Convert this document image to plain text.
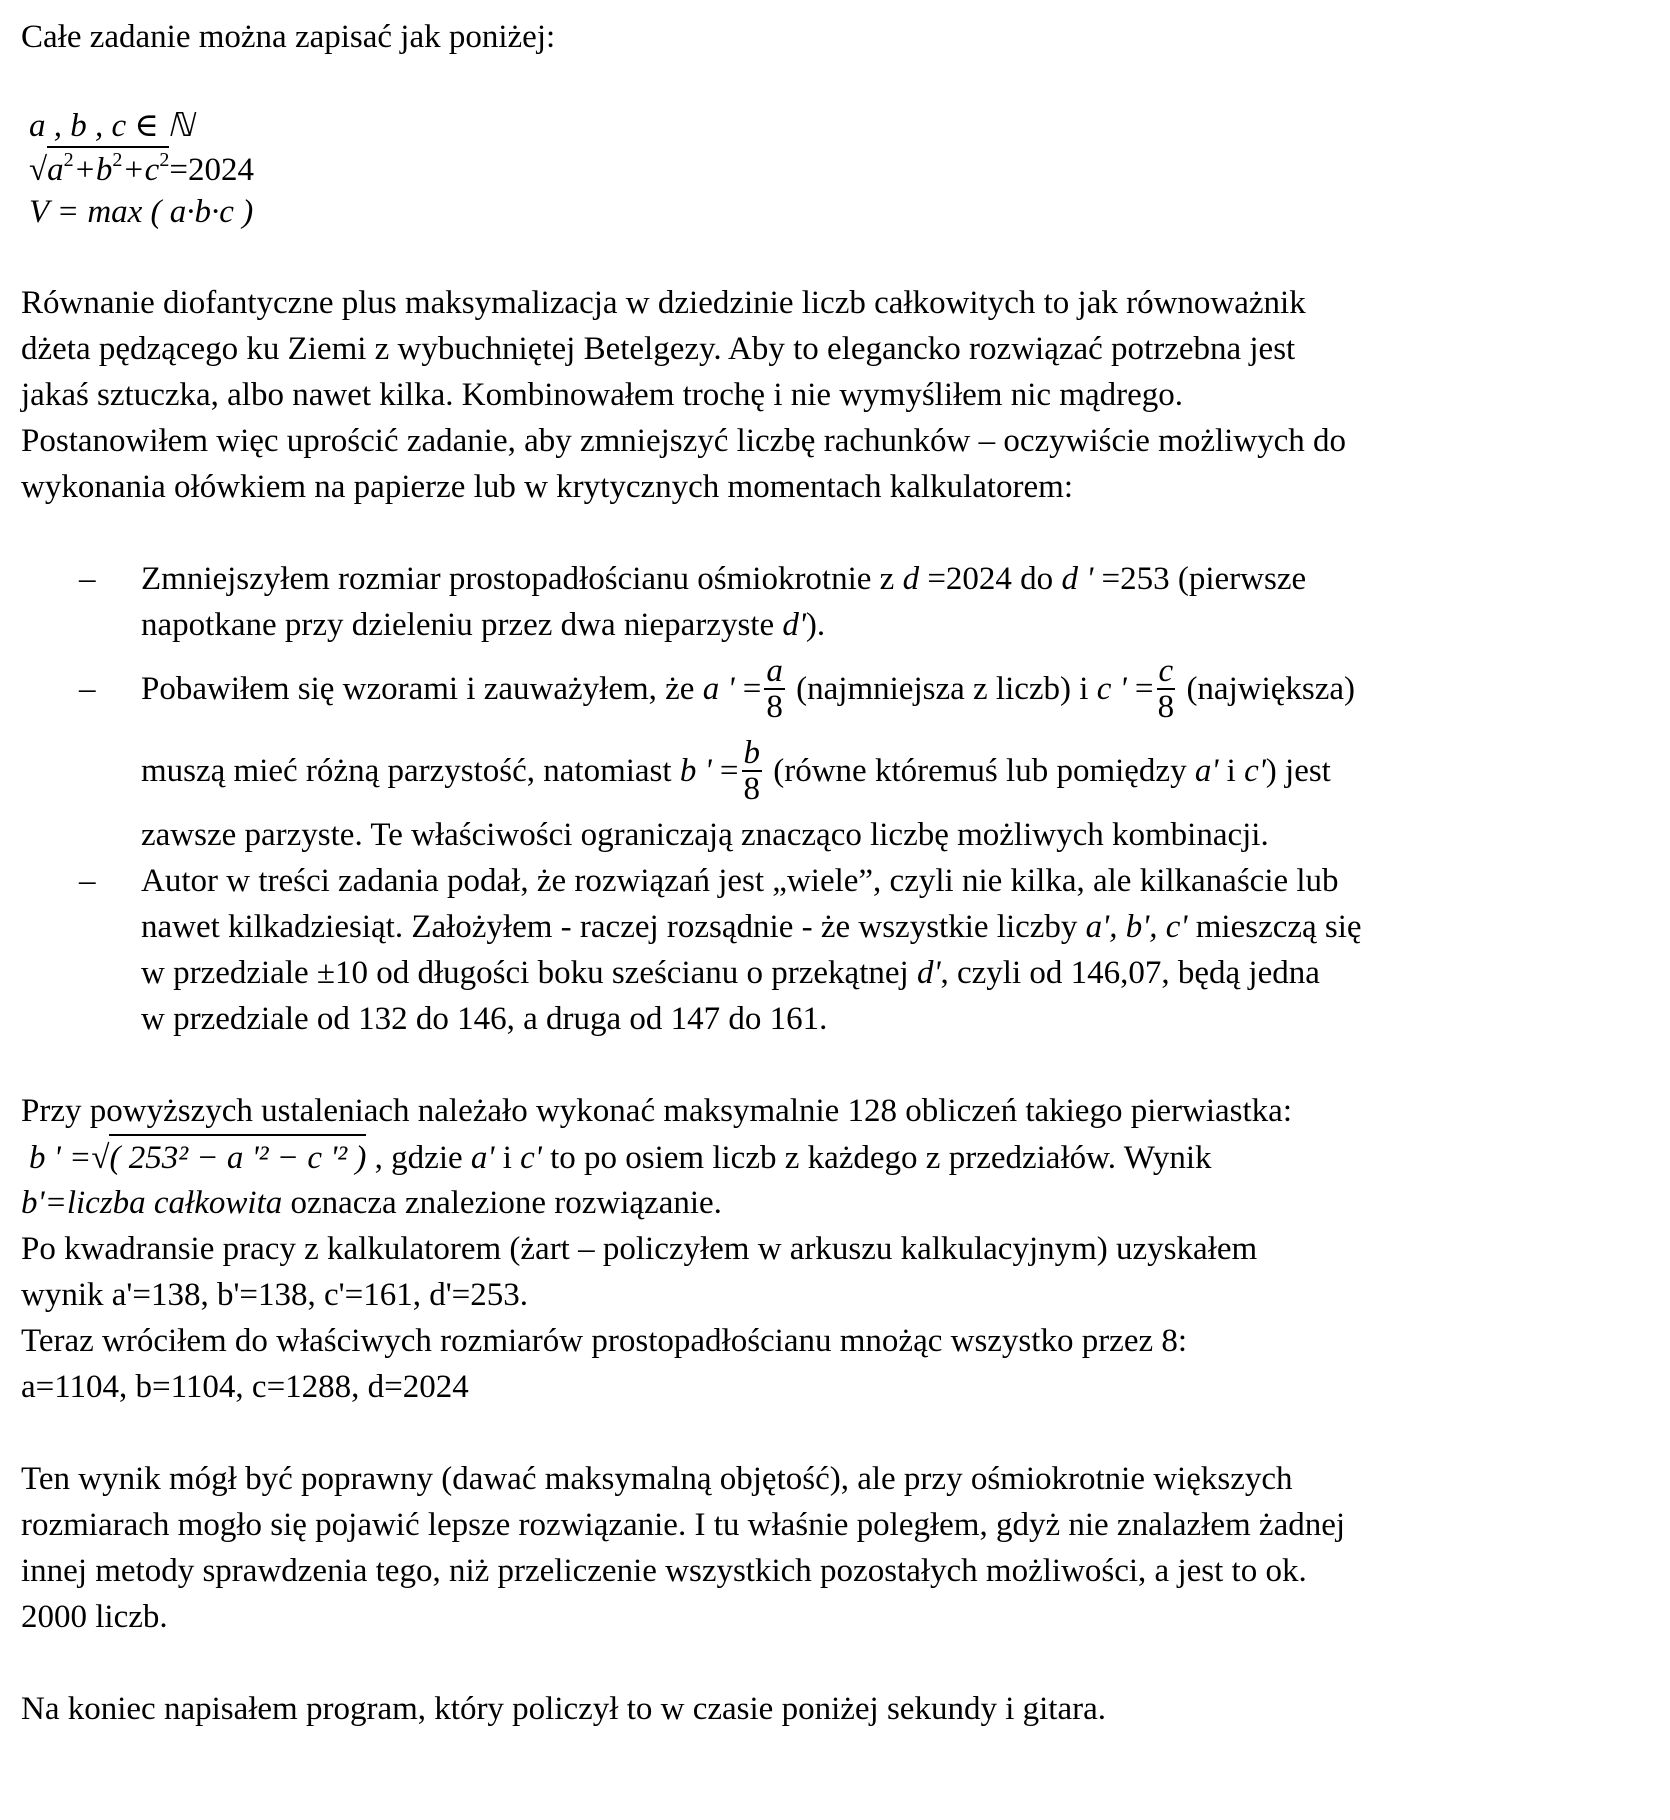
Całe zadanie można zapisać jak poniżej:
a , b , c ∈ ℕ
$√a^2+b^2+c^2=2024$
V = max ( a·b·c )
Równanie diofantyczne plus maksymalizacja w dziedzinie liczb całkowitych to jak równoważnik
dżeta pędzącego ku Ziemi z wybuchniętej Betelgezy. Aby to elegancko rozwiązać potrzebna jest
jakaś sztuczka, albo nawet kilka. Kombinowałem trochę i nie wymyśliłem nic mądrego.
Postanowiłem więc uprościć zadanie, aby zmniejszyć liczbę rachunków – oczywiście możliwych do
wykonania ołówkiem na papierze lub w krytycznych momentach kalkulatorem:
– Zmniejszyłem rozmiar prostopadłościanu ośmiokrotnie z d =2024 do d ' =253 (pierwsze
napotkane przy dzieleniu przez dwa nieparzyste d').
– Pobawiłem się wzorami i zauważyłem, że a ' = $\frac{a}{8}$ (najmniejsza z liczb) i c ' = $\frac{c}{8}$ (największa)
muszą mieć różną parzystość, natomiast b ' = $\frac{b}{8}$ (równe któremuś lub pomiędzy a' i c') jest
zawsze parzyste. Te właściwości ograniczają znacząco liczbę możliwych kombinacji.
– Autor w treści zadania podał, że rozwiązań jest „wiele”, czyli nie kilka, ale kilkanaście lub
nawet kilkadziesiąt. Założyłem - raczej rozsądnie - że wszystkie liczby a', b', c' mieszczą się
w przedziale ±10 od długości boku sześcianu o przekątnej d', czyli od 146,07, będą jedna
w przedziale od 132 do 146, a druga od 147 do 161.
Przy powyższych ustaleniach należało wykonać maksymalnie 128 obliczeń takiego pierwiastka:
b ' =√( 253² − a '² − c '² ) , gdzie a' i c' to po osiem liczb z każdego z przedziałów. Wynik
b'=liczba całkowita oznacza znalezione rozwiązanie.
Po kwadransie pracy z kalkulatorem (żart – policzyłem w arkuszu kalkulacyjnym) uzyskałem
wynik a'=138, b'=138, c'=161, d'=253.
Teraz wróciłem do właściwych rozmiarów prostopadłościanu mnożąc wszystko przez 8:
a=1104, b=1104, c=1288, d=2024
Ten wynik mógł być poprawny (dawać maksymalną objętość), ale przy ośmiokrotnie większych
rozmiarach mogło się pojawić lepsze rozwiązanie. I tu właśnie poległem, gdyż nie znalazłem żadnej
innej metody sprawdzenia tego, niż przeliczenie wszystkich pozostałych możliwości, a jest to ok.
2000 liczb.
Na koniec napisałem program, który policzył to w czasie poniżej sekundy i gitara.
